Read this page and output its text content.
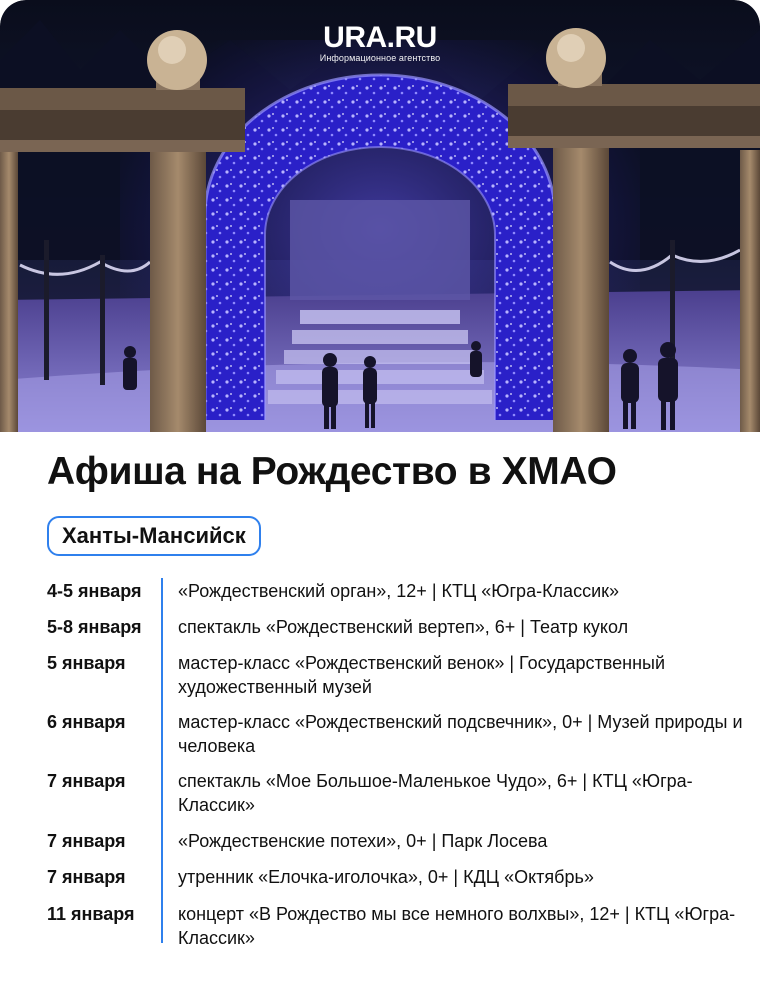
URA.RU
Информационное агентство
Афиша на Рождество в ХМАО
Ханты-Мансийск
4-5 января	«Рождественский орган», 12+ | КТЦ «Югра-Классик»
5-8 января	спектакль «Рождественский вертеп», 6+ | Театр кукол
5 января	мастер-класс «Рождественский венок» | Государственный художественный музей
6 января	мастер-класс «Рождественский подсвечник», 0+ | Музей природы и человека
7 января	спектакль «Мое Большое-Маленькое Чудо», 6+ | КТЦ «Югра-Классик»
7 января	«Рождественские потехи», 0+ | Парк Лосева
7 января	утренник «Елочка-иголочка», 0+ | КДЦ «Октябрь»
11 января	концерт «В Рождество мы все немного волхвы», 12+ | КТЦ «Югра-Классик»
